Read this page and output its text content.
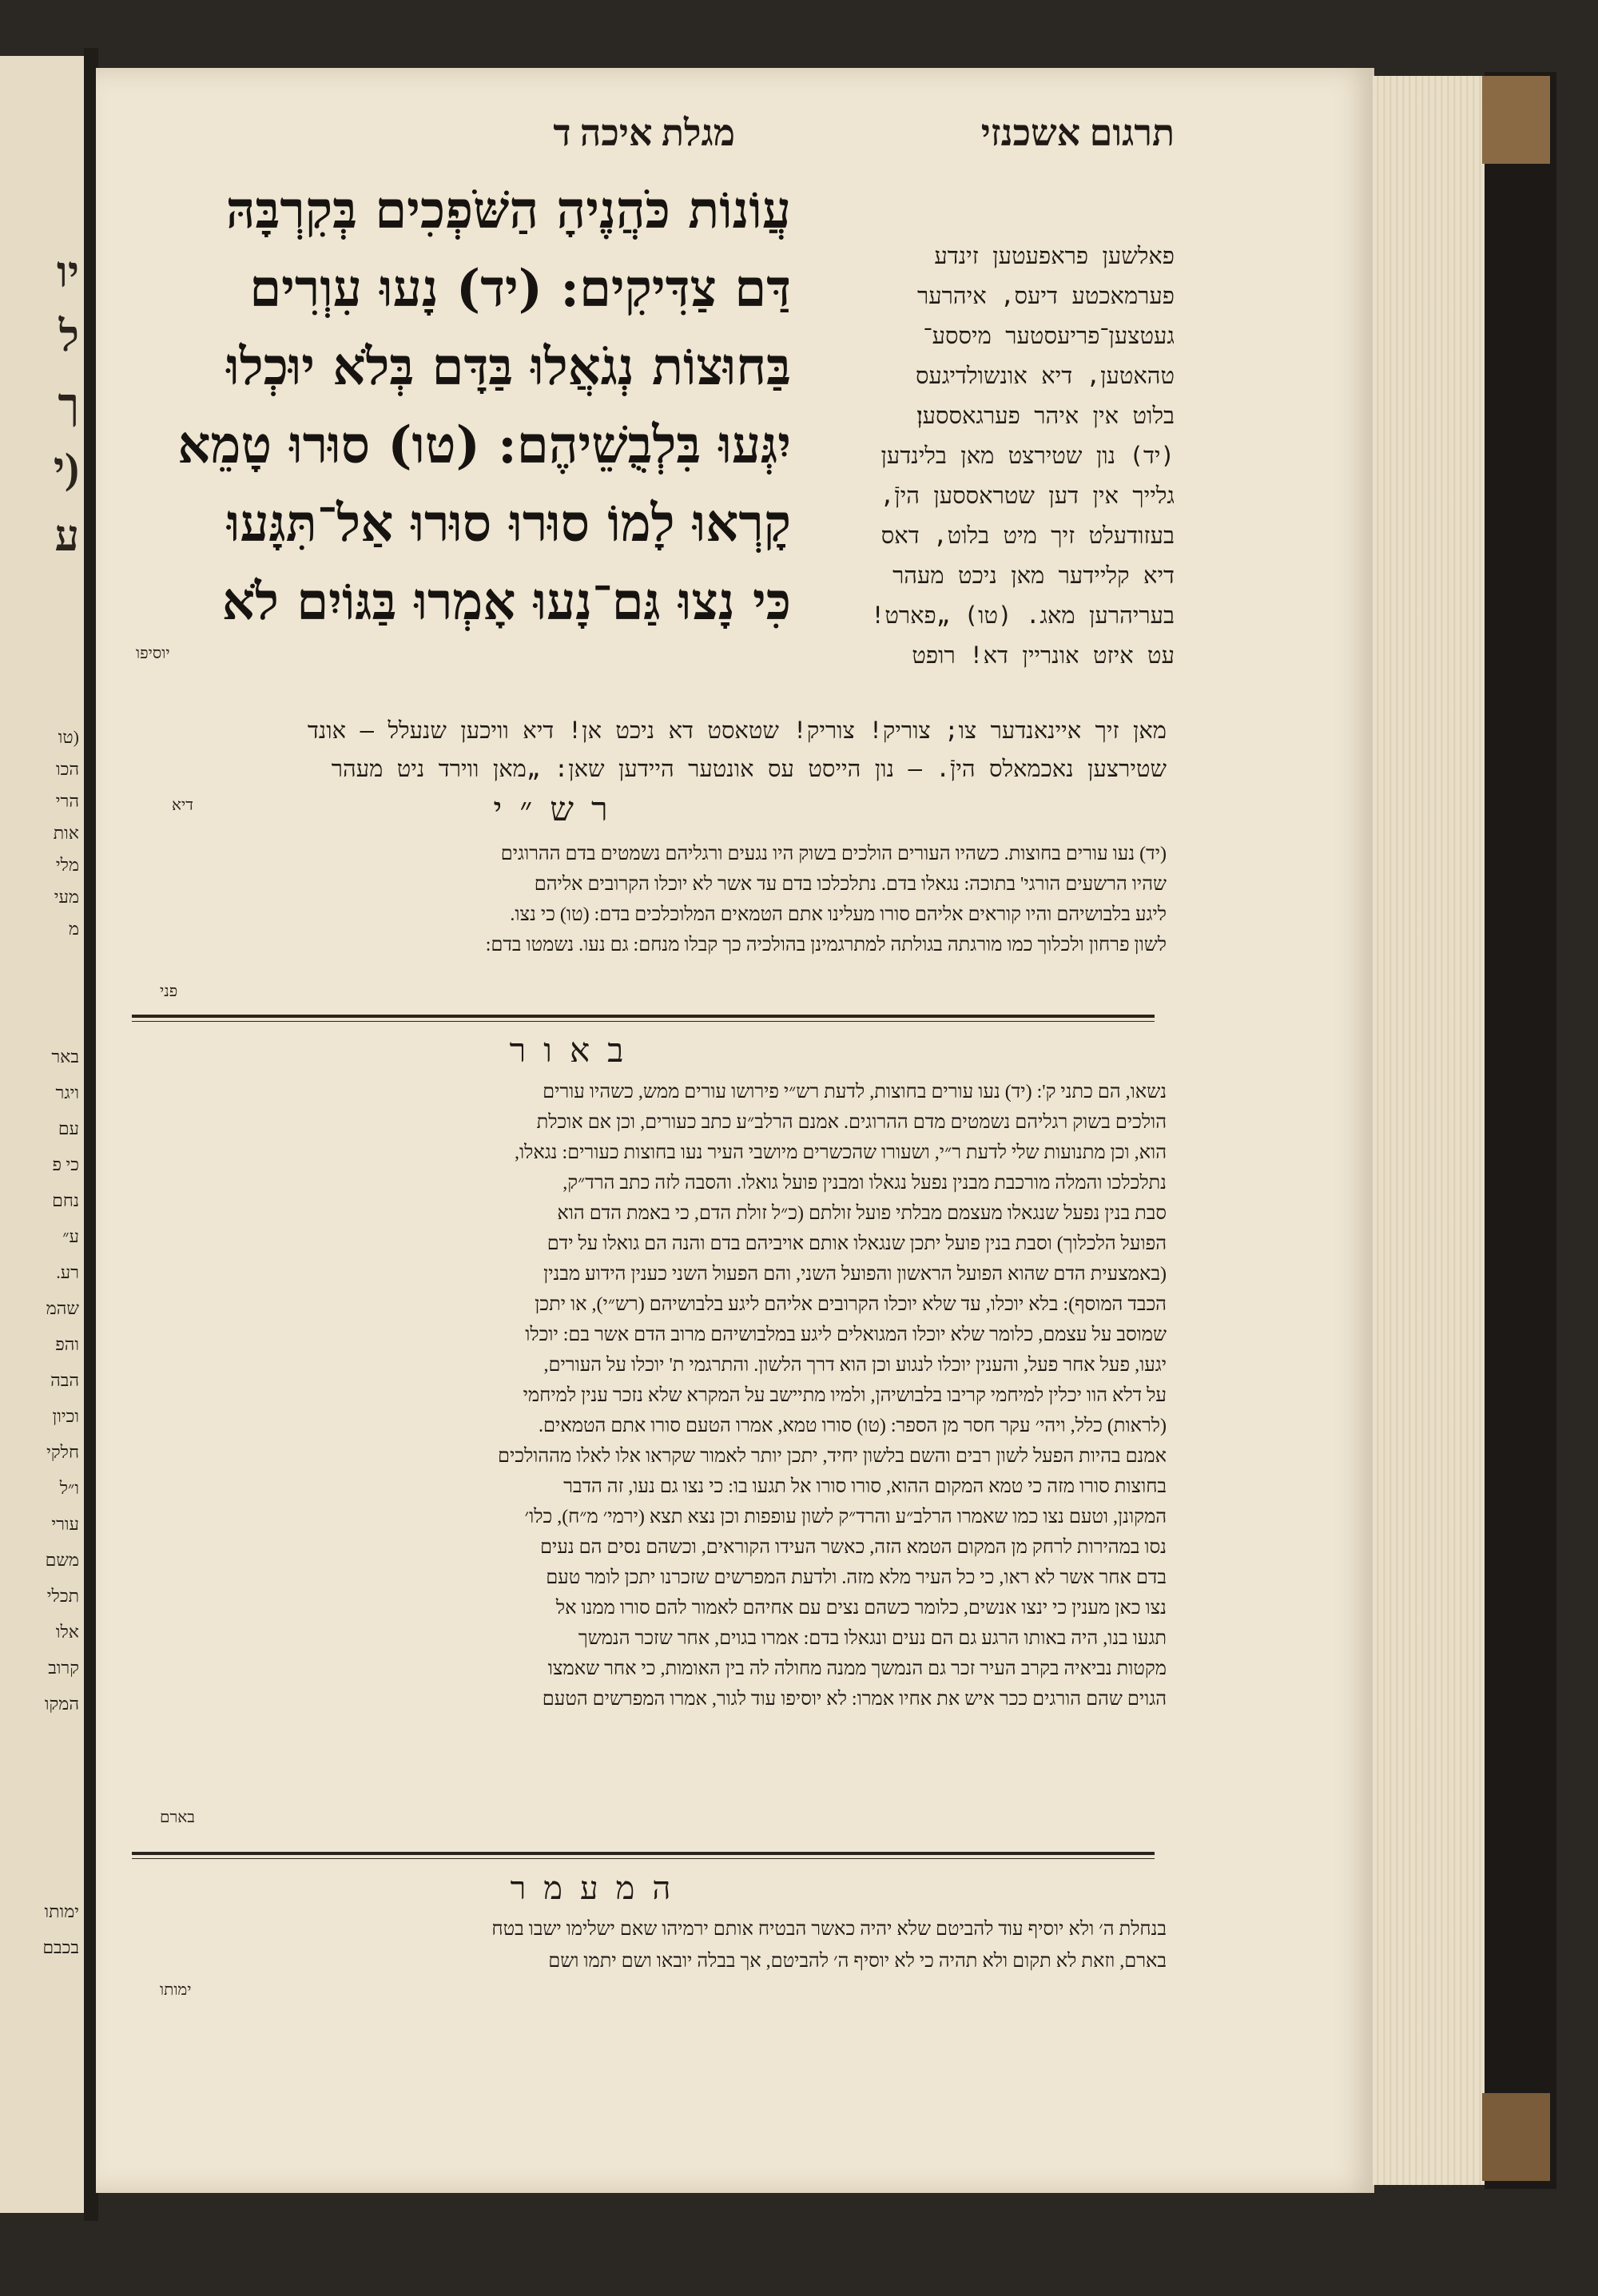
יו
ל
ך
(י
ע
(טו
הכו
הרי
אות
מלי
מעי
מ
באר
ויגר
עם
כי פ
נחם
ע״
רע.
שהמ
והפ
הבה
וכיון
חלקי
ו״ל
עורי
משם
תכלי
אלו
קרוב
המקו
ימותו
בכבם
תרגום אשכנזי
מגלת איכה ד
עֲוֹנוֹת כֹּהֲנֶיהָ הַשֹּׁפְכִים בְּקִרְבָּהּ
דַּם צַדִּיקִים: (יד) נָעוּ עִוְרִים
בַּחוּצוֹת נְגֹאֲלוּ בַּדָּם בְּלֹא יוּכְלוּ
יִגְּעוּ בִּלְבֻשֵׁיהֶם: (טו) סוּרוּ טָמֵא
קָרְאוּ לָמוֹ סוּרוּ סוּרוּ אַל־תִּגָּעוּ
כִּי נָצוּ גַּם־נָעוּ אָמְרוּ בַּגּוֹיִם לֹא
יוסיפו
פאלשען פראפעטען זינדע
פערמאכטע דיעס, איהרער
געטצען־פריעסטער מיססע־
טהאטען, דיא אונשולדיגעס
בלוט אין איהר פערגאססען׃
(יד) נון שטירצט מאן בלינדען
גלייך אין דען שטראססען היןֿ,
בעזודעלט זיך מיט בלוט, דאס
דיא קליידער מאן ניכט מעהר
בעריהרען מאג. (טו) „פארט!
עט איזט אונריין דא! רופט
מאן זיך איינאנדער צו; צוריק! צוריק! שטאסט דא ניכט אן! דיא וויכען שנעלל — אונד
שטירצען נאכמאלס היןֿ. — נון הייסט עס אונטער היידען שאן: „מאן ווירד ניט מעהר
דיא	רש״י
(יד) נעו עורים בחוצות. כשהיו העורים הולכים בשוק היו נגעים ורגליהם נשמטים בדם ההרוגים
שהיו הרשעים הורגי' בתוכה: נגאלו בדם. נתלכלכו בדם עד אשר לא יוכלו הקרובים אליהם
ליגע בלבושיהם והיו קוראים אליהם סורו מעלינו אתם הטמאים המלוכלכים בדם: (טו) כי נצו.
לשון פרחון ולכלוך כמו מורגתה בגולתה למתרגמינן בהולכיה כך קבלו מנחם: גם נעו. נשמטו בדם:
פני
באור
נשאו, הם כתני ק': (יד) נעו עורים בחוצות, לדעת רש״י פירושו עורים ממש, כשהיו עורים
הולכים בשוק רגליהם נשמטים מדם ההרוגים. אמנם הרלב״ע כתב כעורים, וכן אם אוכלת
הוא, וכן מתנועות שלי לדעת ר״י, ושעורו שהכשרים מיושבי העיר נעו בחוצות כעורים: נגאלו,
נתלכלכו והמלה מורכבת מבנין נפעל נגאלו ומבנין פועל גואלו. והסבה לזה כתב הרד״ק,
סבת בנין נפעל שנגאלו מעצמם מבלתי פועל זולתם (כ״ל זולת הדם, כי באמת הדם הוא
הפועל הלכלוך) וסבת בנין פועל יתכן שנגאלו אותם אויביהם בדם והנה הם גואלו על ידם
(באמצעית הדם שהוא הפועל הראשון והפועל השני, והם הפעול השני כענין הידוע מבנין
הכבד המוסף): בלא יוכלו, עד שלא יוכלו הקרובים אליהם ליגע בלבושיהם (רש״י), או יתכן
שמוסב על עצמם, כלומר שלא יוכלו המגואלים ליגע במלבושיהם מרוב הדם אשר בם: יוכלו
יגעו, פעל אחר פעל, והענין יוכלו לנגוע וכן הוא דרך הלשון. והתרגמי ת' יוכלו על העורים,
על דלא הוו יכלין למיחמי קריבו בלבושיהן, ולמיו מתיישב על המקרא שלא נזכר ענין למיחמי
(לראות) כלל, ויהי׳ עקר חסר מן הספר: (טו) סורו טמא, אמרו הטעם סורו אתם הטמאים.
אמנם בהיות הפעל לשון רבים והשם בלשון יחיד, יתכן יותר לאמור שקראו אלו לאלו מההולכים
בחוצות סורו מזה כי טמא המקום ההוא, סורו סורו אל תגעו בו: כי נצו גם נעו, זה הדבר
המקונן, וטעם נצו כמו שאמרו הרלב״ע והרד״ק לשון עופפות וכן נצא תצא (ירמי׳ מ״ח), כלו׳
נסו במהירות לרחק מן המקום הטמא הזה, כאשר העידו הקוראים, וכשהם נסים הם נעים
בדם אחר אשר לא ראו, כי כל העיר מלא מזה. ולדעת המפרשים שזכרנו יתכן לומר טעם
נצו כאן מענין כי ינצו אנשים, כלומר כשהם נצים עם אחיהם לאמור להם סורו ממנו אל
תגעו בנו, היה באותו הרגע גם הם נעים ונגאלו בדם: אמרו בגוים, אחר שזכר הנמשך
מקטות נביאיה בקרב העיר זכר גם הנמשך ממנה מחולה לה בין האומות, כי אחר שאמצו
הגוים שהם הורגים ככר איש את אחיו אמרו: לא יוסיפו עוד לגור, אמרו המפרשים הטעם
בארם
המעמר
בנחלת ה׳ ולא יוסיף עוד להביטם שלא יהיה כאשר הבטיח אותם ירמיהו שאם ישלימו ישבו בטח
בארם, וזאת לא תקום ולא תהיה כי לא יוסיף ה׳ להביטם, אך בבלה יובאו ושם יתמו ושם
ימותו
